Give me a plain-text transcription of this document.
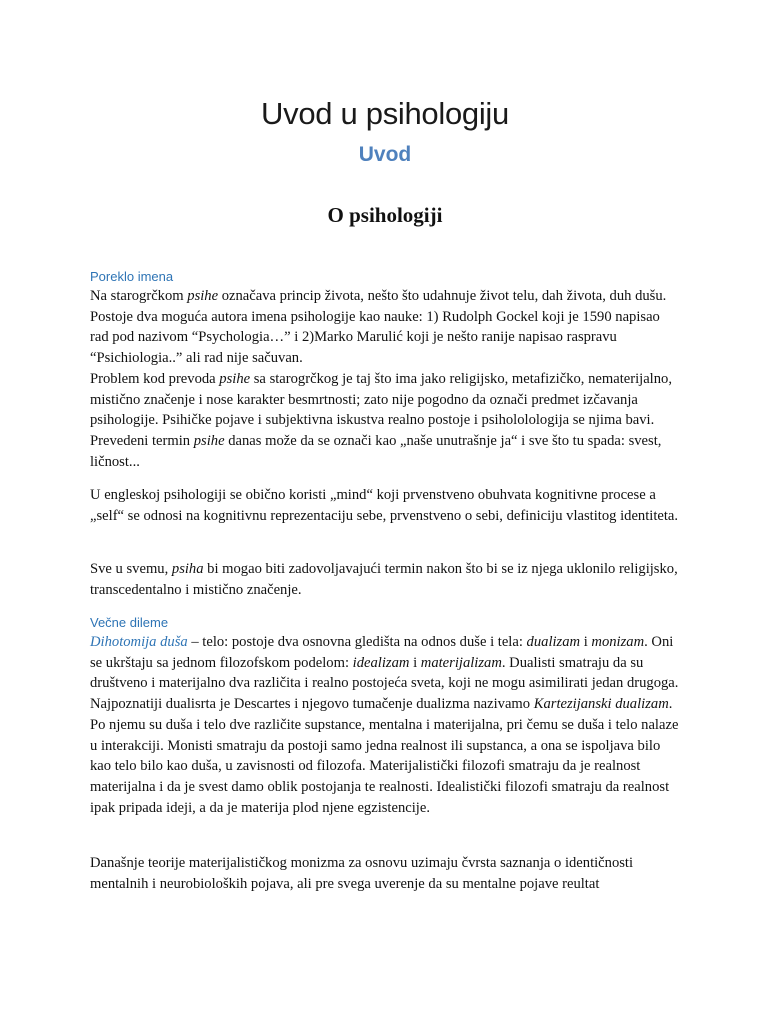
Uvod u psihologiju
Uvod
O psihologiji

Poreklo imena

Na starogrčkom psihe označava princip života, nešto što udahnuje život telu, dah života, duh dušu. Postoje dva moguća autora imena psihologije kao nauke: 1) Rudolph Gockel koji je 1590 napisao rad pod nazivom “Psychologia…” i 2)Marko Marulić koji je nešto ranije napisao raspravu “Psichiologia..” ali rad nije sačuvan.

Problem kod prevoda psihe sa starogrčkog je taj što ima jako religijsko, metafizičko, nematerijalno, mistično značenje i nose karakter besmrtnosti; zato nije pogodno da označi predmet izčavanja psihologije. Psihičke pojave i subjektivna iskustva realno postoje i psihololologija se njima bavi. Prevedeni termin psihe danas može da se označi kao „naše unutrašnje ja“ i sve što tu spada: svest, ličnost...

U engleskoj psihologiji se obično koristi „mind“ koji prvenstveno obuhvata kognitivne procese a „self“ se odnosi na kognitivnu reprezentaciju sebe, prvenstveno o sebi, definiciju vlastitog identiteta.

Sve u svemu, psiha bi mogao biti zadovoljavajući termin nakon što bi se iz njega uklonilo religijsko, transcedentalno i mistično značenje.

Večne dileme

Dihotomija duša – telo: postoje dva osnovna gledišta na odnos duše i tela: dualizam i monizam. Oni se ukrštaju sa jednom filozofskom podelom: idealizam i materijalizam. Dualisti smatraju da su društveno i materijalno dva različita i realno postojeća sveta, koji ne mogu asimilirati jedan drugoga. Najpoznatiji dualisrta je Descartes i njegovo tumačenje dualizma nazivamo Kartezijanski dualizam. Po njemu su duša i telo dve različite supstance, mentalna i materijalna, pri čemu se duša i telo nalaze u interakciji. Monisti smatraju da postoji samo jedna realnost ili supstanca, a ona se ispoljava bilo kao telo bilo kao duša, u zavisnosti od filozofa. Materijalistički filozofi smatraju da je realnost materijalna i da je svest damo oblik postojanja te realnosti. Idealistički filozofi smatraju da realnost ipak pripada ideji, a da je materija plod njene egzistencije.

Današnje teorije materijalističkog monizma za osnovu uzimaju čvrsta saznanja o identičnosti mentalnih i neurobioloških pojava, ali pre svega uverenje da su mentalne pojave reultat
